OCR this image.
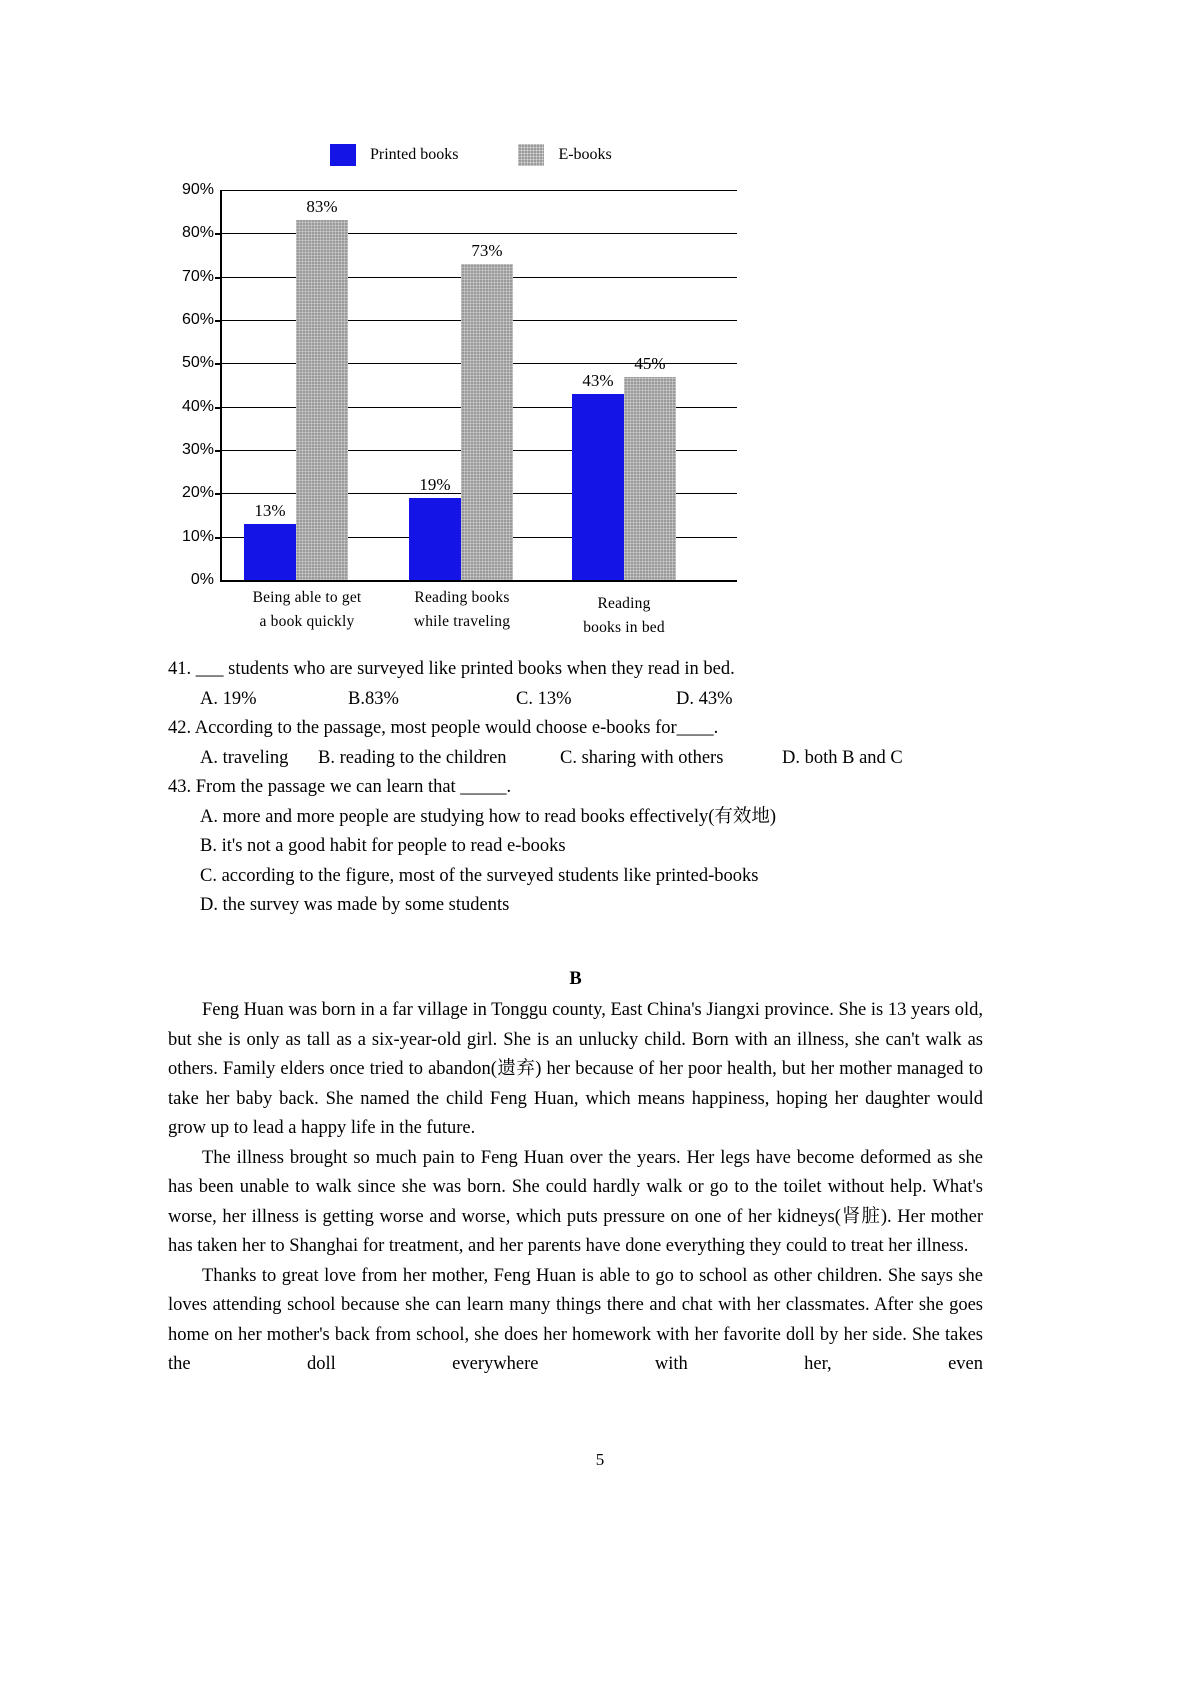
Printed books	E-books
90%
80%
70%
60%
50%
40%
30%
20%
10%
0%
13%
83%
Being able to get
a book quickly
19%
73%
Reading books
while traveling
43%
45%
Reading
books in bed
41. ___ students who are surveyed like printed books when they read in bed.
A. 19%	B.83%	C. 13%	D. 43%
42. According to the passage, most people would choose e-books for____.
A. traveling	B. reading to the children	C. sharing with others	D. both B and C
43. From the passage we can learn that _____.
A. more and more people are studying how to read books effectively(有效地)
B. it's not a good habit for people to read e-books
C. according to the figure, most of the surveyed students like printed-books
D. the survey was made by some students
B
Feng Huan was born in a far village in Tonggu county, East China's Jiangxi province. She is 13 years old, but she is only as tall as a six-year-old girl. She is an unlucky child. Born with an illness, she can't walk as others. Family elders once tried to abandon(遗弃) her because of her poor health, but her mother managed to take her baby back. She named the child Feng Huan, which means happiness, hoping her daughter would grow up to lead a happy life in the future.
The illness brought so much pain to Feng Huan over the years. Her legs have become deformed as she has been unable to walk since she was born. She could hardly walk or go to the toilet without help. What's worse, her illness is getting worse and worse, which puts pressure on one of her kidneys(肾脏). Her mother has taken her to Shanghai for treatment, and her parents have done everything they could to treat her illness.
Thanks to great love from her mother, Feng Huan is able to go to school as other children. She says she loves attending school because she can learn many things there and chat with her classmates. After she goes home on her mother's back from school, she does her homework with her favorite doll by her side. She takes the doll everywhere with her, even
5
